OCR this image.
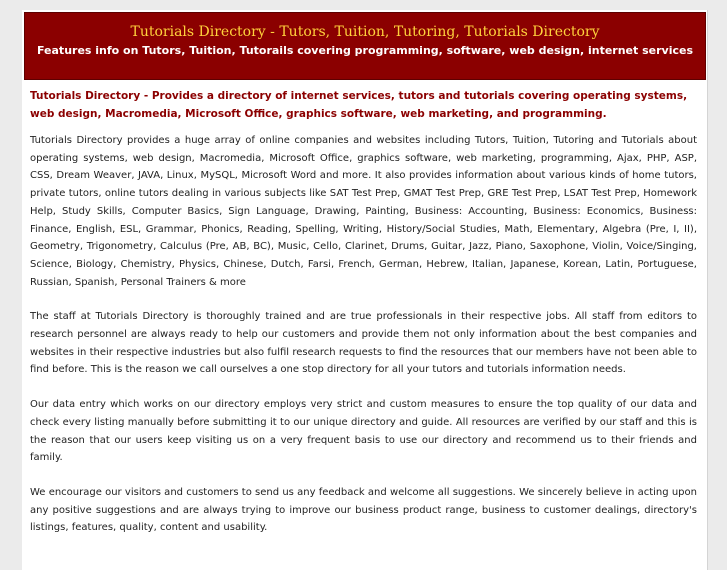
Tutorials Directory - Tutors, Tuition, Tutoring, Tutorials Directory
Features info on Tutors, Tuition, Tutorails covering programming, software, web design, internet services

Tutorials Directory - Provides a directory of internet services, tutors and tutorials covering operating systems, web design, Macromedia, Microsoft Office, graphics software, web marketing, and programming.

Tutorials Directory provides a huge array of online companies and websites including Tutors, Tuition, Tutoring and Tutorials about operating systems, web design, Macromedia, Microsoft Office, graphics software, web marketing, programming, Ajax, PHP, ASP, CSS, Dream Weaver, JAVA, Linux, MySQL, Microsoft Word and more. It also provides information about various kinds of home tutors, private tutors, online tutors dealing in various subjects like SAT Test Prep, GMAT Test Prep, GRE Test Prep, LSAT Test Prep, Homework Help, Study Skills, Computer Basics, Sign Language, Drawing, Painting, Business: Accounting, Business: Economics, Business: Finance, English, ESL, Grammar, Phonics, Reading, Spelling, Writing, History/Social Studies, Math, Elementary, Algebra (Pre, I, II), Geometry, Trigonometry, Calculus (Pre, AB, BC), Music, Cello, Clarinet, Drums, Guitar, Jazz, Piano, Saxophone, Violin, Voice/Singing, Science, Biology, Chemistry, Physics, Chinese, Dutch, Farsi, French, German, Hebrew, Italian, Japanese, Korean, Latin, Portuguese, Russian, Spanish, Personal Trainers & more

The staff at Tutorials Directory is thoroughly trained and are true professionals in their respective jobs. All staff from editors to research personnel are always ready to help our customers and provide them not only information about the best companies and websites in their respective industries but also fulfil research requests to find the resources that our members have not been able to find before. This is the reason we call ourselves a one stop directory for all your tutors and tutorials information needs.

Our data entry which works on our directory employs very strict and custom measures to ensure the top quality of our data and check every listing manually before submitting it to our unique directory and guide. All resources are verified by our staff and this is the reason that our users keep visiting us on a very frequent basis to use our directory and recommend us to their friends and family.

We encourage our visitors and customers to send us any feedback and welcome all suggestions. We sincerely believe in acting upon any positive suggestions and are always trying to improve our business product range, business to customer dealings, directory's listings, features, quality, content and usability.
